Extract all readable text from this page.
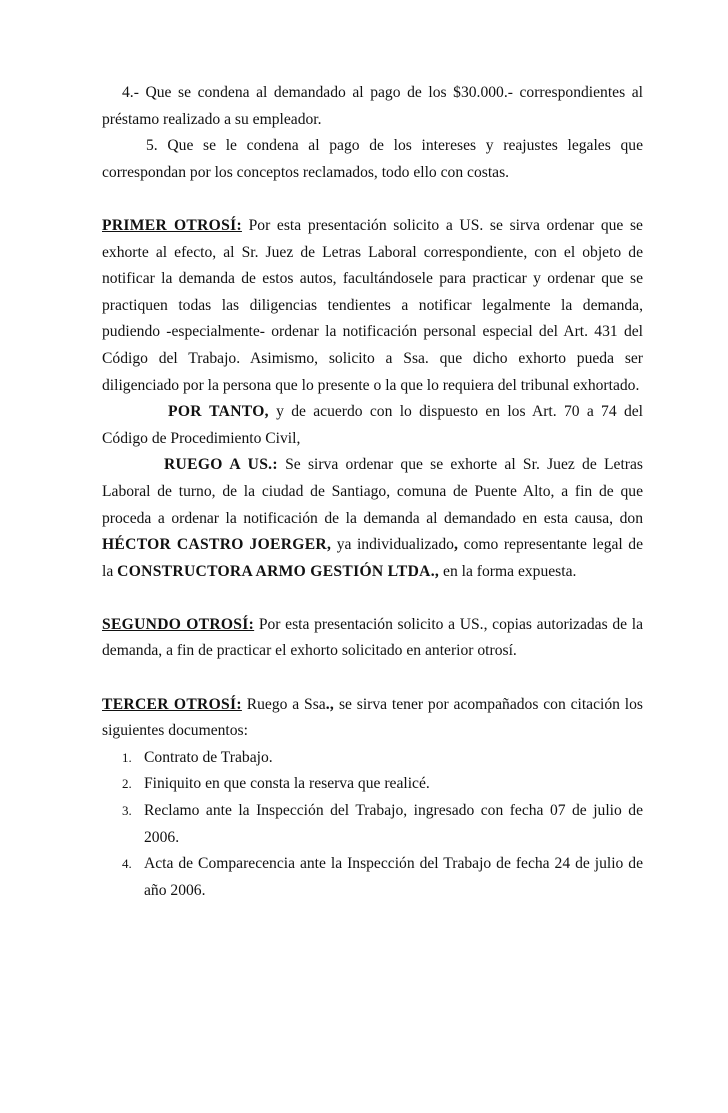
4.- Que se condena al demandado al pago de los $30.000.- correspondientes al préstamo realizado a su empleador.

5. Que se le condena al pago de los intereses y reajustes legales que correspondan por los conceptos reclamados, todo ello con costas.

PRIMER OTROSÍ: Por esta presentación solicito a US. se sirva ordenar que se exhorte al efecto, al Sr. Juez de Letras Laboral correspondiente, con el objeto de notificar la demanda de estos autos, facultándosele para practicar y ordenar que se practiquen todas las diligencias tendientes a notificar legalmente la demanda, pudiendo -especialmente- ordenar la notificación personal especial del Art. 431 del Código del Trabajo. Asimismo, solicito a Ssa. que dicho exhorto pueda ser diligenciado por la persona que lo presente o la que lo requiera del tribunal exhortado.

POR TANTO, y de acuerdo con lo dispuesto en los Art. 70 a 74 del Código de Procedimiento Civil,

RUEGO A US.: Se sirva ordenar que se exhorte al Sr. Juez de Letras Laboral de turno, de la ciudad de Santiago, comuna de Puente Alto, a fin de que proceda a ordenar la notificación de la demanda al demandado en esta causa, don HÉCTOR CASTRO JOERGER, ya individualizado, como representante legal de la CONSTRUCTORA ARMO GESTIÓN LTDA., en la forma expuesta.

SEGUNDO OTROSÍ: Por esta presentación solicito a US., copias autorizadas de la demanda, a fin de practicar el exhorto solicitado en anterior otrosí.

TERCER OTROSÍ: Ruego a Ssa., se sirva tener por acompañados con citación los siguientes documentos:

1. Contrato de Trabajo.
2. Finiquito en que consta la reserva que realicé.
3. Reclamo ante la Inspección del Trabajo, ingresado con fecha 07 de julio de 2006.
4. Acta de Comparecencia ante la Inspección del Trabajo de fecha 24 de julio de año 2006.
